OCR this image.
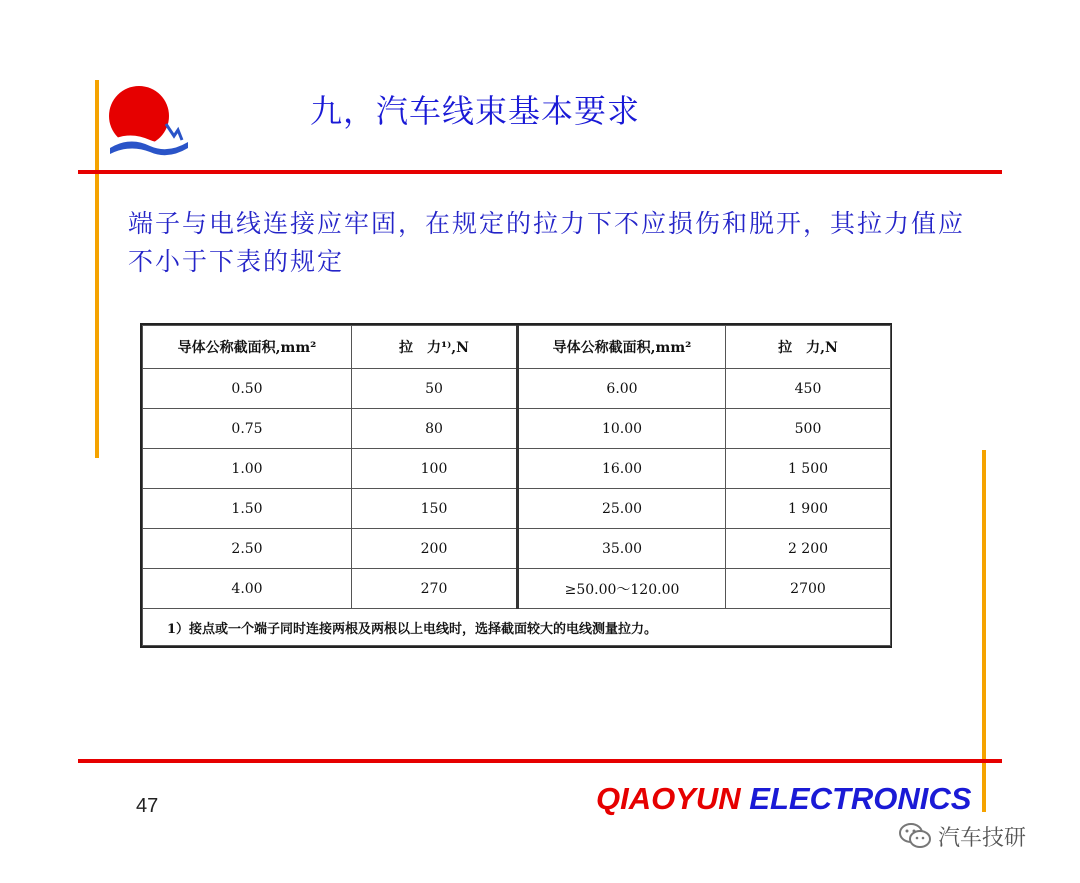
九，汽车线束基本要求
端子与电线连接应牢固，在规定的拉力下不应损伤和脱开，其拉力值应不小于下表的规定
导体公称截面积,mm²	拉　力¹⁾,N	导体公称截面积,mm²	拉　力,N
0.50	50	6.00	450
0.75	80	10.00	500
1.00	100	16.00	1 500
1.50	150	25.00	1 900
2.50	200	35.00	2 200
4.00	270	≥50.00～120.00	2700
1）接点或一个端子同时连接两根及两根以上电线时，选择截面较大的电线测量拉力。			
47	QIAOYUN ELECTRONICS
汽车技研
